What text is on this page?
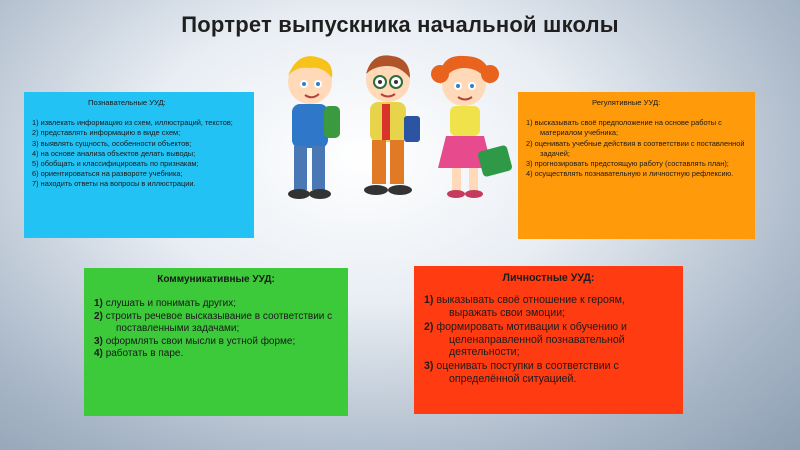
Портрет выпускника начальной школы
Познавательные УУД:
1) извлекать информацию из схем, иллюстраций, текстов;
2) представлять информацию в виде схем;
3) выявлять сущность, особенности объектов;
4) на основе анализа объектов делать выводы;
5) обобщать и классифицировать по признакам;
6) ориентироваться на развороте учебника;
7) находить ответы на вопросы в иллюстрации.
Регулятивные УУД:
1) высказывать своё предположение на основе работы с материалом учебника;
2) оценивать учебные действия в соответствии с поставленной задачей;
3) прогнозировать предстоящую работу (составлять план);
4) осуществлять познавательную и личностную рефлексию.
Коммуникативные УУД:
1) слушать и понимать других;
2) строить речевое высказывание в соответствии с поставленными задачами;
3) оформлять свои мысли в устной форме;
4) работать в паре.
Личностные УУД:
1) выказывать своё отношение к героям, выражать свои эмоции;
2) формировать мотивации к обучению и целенаправленной познавательной деятельности;
3) оценивать поступки в соответствии с определённой ситуацией.
